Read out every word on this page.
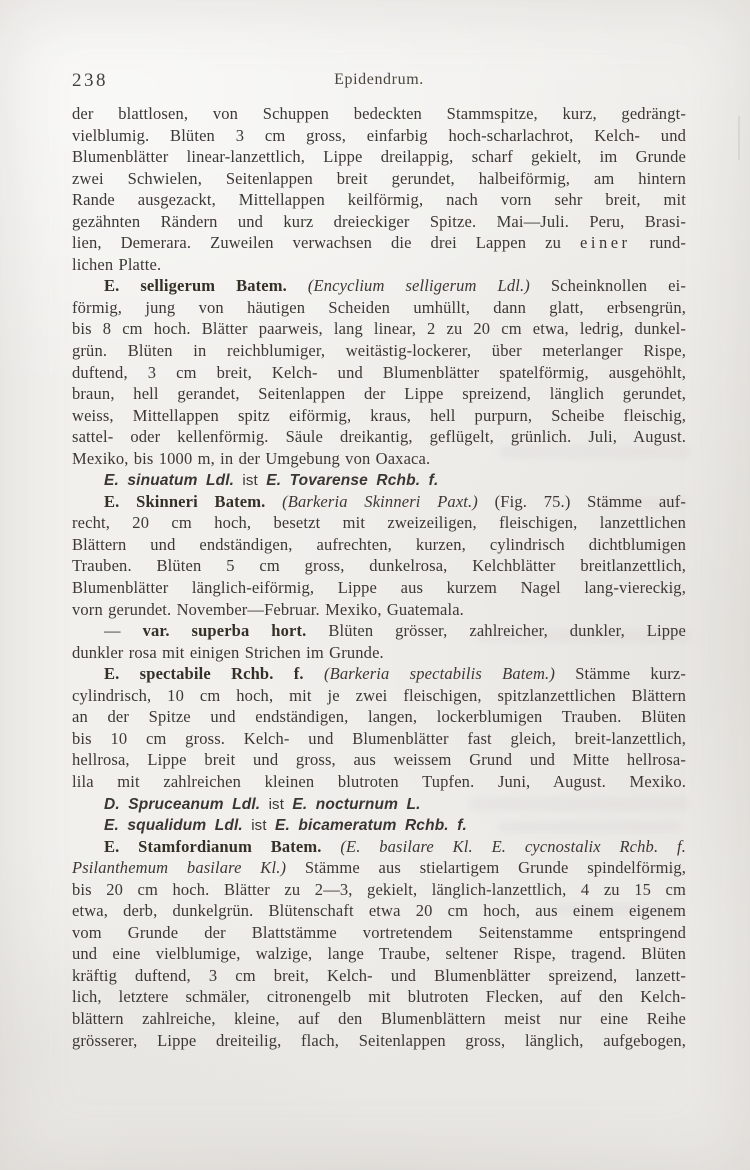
238	Epidendrum.
der blattlosen, von Schuppen bedeckten Stammspitze, kurz, gedrängt-
vielblumig. Blüten 3 cm gross, einfarbig hoch-scharlachrot, Kelch- und
Blumenblätter linear-lanzettlich, Lippe dreilappig, scharf gekielt, im Grunde
zwei Schwielen, Seitenlappen breit gerundet, halbeiförmig, am hintern
Rande ausgezackt, Mittellappen keilförmig, nach vorn sehr breit, mit
gezähnten Rändern und kurz dreieckiger Spitze. Mai—Juli. Peru, Brasi-
lien, Demerara. Zuweilen verwachsen die drei Lappen zu einer rund-
lichen Platte.
E. selligerum Batem. (Encyclium selligerum Ldl.) Scheinknollen ei-
förmig, jung von häutigen Scheiden umhüllt, dann glatt, erbsengrün,
bis 8 cm hoch. Blätter paarweis, lang linear, 2 zu 20 cm etwa, ledrig, dunkel-
grün. Blüten in reichblumiger, weitästig-lockerer, über meterlanger Rispe,
duftend, 3 cm breit, Kelch- und Blumenblätter spatelförmig, ausgehöhlt,
braun, hell gerandet, Seitenlappen der Lippe spreizend, länglich gerundet,
weiss, Mittellappen spitz eiförmig, kraus, hell purpurn, Scheibe fleischig,
sattel- oder kellenförmig. Säule dreikantig, geflügelt, grünlich. Juli, August.
Mexiko, bis 1000 m, in der Umgebung von Oaxaca.
E. sinuatum Ldl. ist E. Tovarense Rchb. f.
E. Skinneri Batem. (Barkeria Skinneri Paxt.) (Fig. 75.) Stämme auf-
recht, 20 cm hoch, besetzt mit zweizeiligen, fleischigen, lanzettlichen
Blättern und endständigen, aufrechten, kurzen, cylindrisch dichtblumigen
Trauben. Blüten 5 cm gross, dunkelrosa, Kelchblätter breitlanzettlich,
Blumenblätter länglich-eiförmig, Lippe aus kurzem Nagel lang-viereckig,
vorn gerundet. November—Februar. Mexiko, Guatemala.
— var. superba hort. Blüten grösser, zahlreicher, dunkler, Lippe
dunkler rosa mit einigen Strichen im Grunde.
E. spectabile Rchb. f. (Barkeria spectabilis Batem.) Stämme kurz-
cylindrisch, 10 cm hoch, mit je zwei fleischigen, spitzlanzettlichen Blättern
an der Spitze und endständigen, langen, lockerblumigen Trauben. Blüten
bis 10 cm gross. Kelch- und Blumenblätter fast gleich, breit-lanzettlich,
hellrosa, Lippe breit und gross, aus weissem Grund und Mitte hellrosa-
lila mit zahlreichen kleinen blutroten Tupfen. Juni, August. Mexiko.
D. Spruceanum Ldl. ist E. nocturnum L.
E. squalidum Ldl. ist E. bicameratum Rchb. f.
E. Stamfordianum Batem. (E. basilare Kl. E. cycnostalix Rchb. f.
Psilanthemum basilare Kl.) Stämme aus stielartigem Grunde spindelförmig,
bis 20 cm hoch. Blätter zu 2—3, gekielt, länglich-lanzettlich, 4 zu 15 cm
etwa, derb, dunkelgrün. Blütenschaft etwa 20 cm hoch, aus einem eigenem
vom Grunde der Blattstämme vortretendem Seitenstamme entspringend
und eine vielblumige, walzige, lange Traube, seltener Rispe, tragend. Blüten
kräftig duftend, 3 cm breit, Kelch- und Blumenblätter spreizend, lanzett-
lich, letztere schmäler, citronengelb mit blutroten Flecken, auf den Kelch-
blättern zahlreiche, kleine, auf den Blumenblättern meist nur eine Reihe
grösserer, Lippe dreiteilig, flach, Seitenlappen gross, länglich, aufgebogen,
